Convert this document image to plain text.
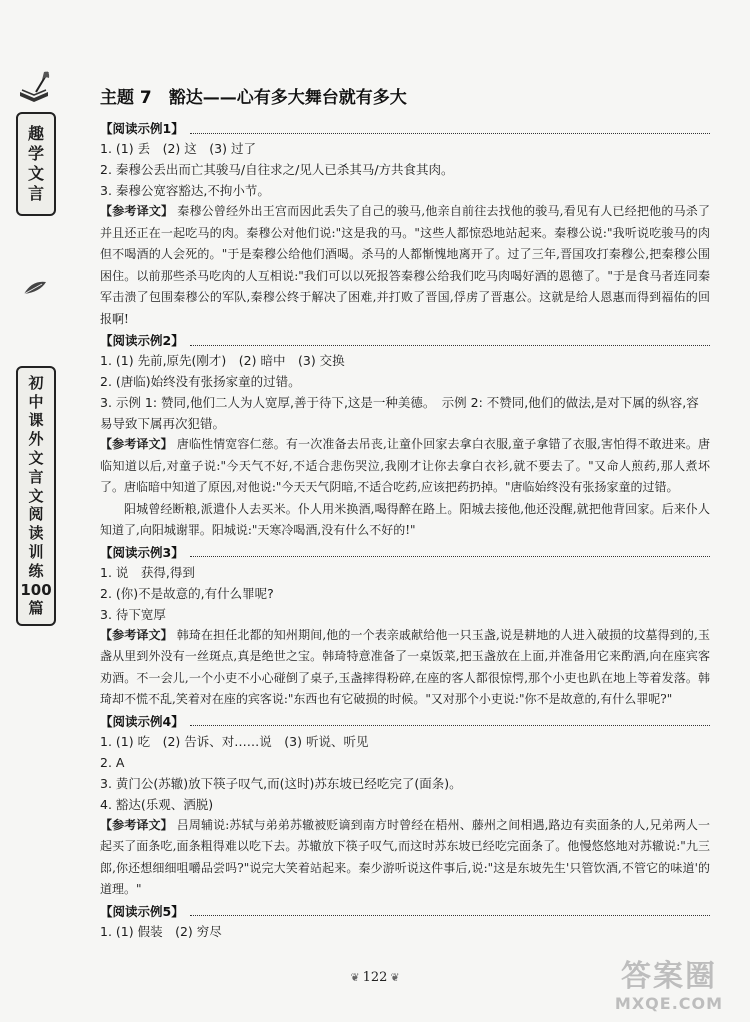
趣
学
文
言
初
中
课
外
文
言
文
阅
读
训
练
100
篇
主题 7　豁达——心有多大舞台就有多大
【阅读示例1】
1. (1) 丢　(2) 这　(3) 过了
2. 秦穆公丢出而亡其骏马/自往求之/见人已杀其马/方共食其肉。
3. 秦穆公宽容豁达,不拘小节。
【参考译文】 秦穆公曾经外出王宫而因此丢失了自己的骏马,他亲自前往去找他的骏马,看见有人已经把他的马杀了并且还正在一起吃马的肉。秦穆公对他们说:"这是我的马。"这些人都惊恐地站起来。秦穆公说:"我听说吃骏马的肉但不喝酒的人会死的。"于是秦穆公给他们酒喝。杀马的人都惭愧地离开了。过了三年,晋国攻打秦穆公,把秦穆公围困住。以前那些杀马吃肉的人互相说:"我们可以以死报答秦穆公给我们吃马肉喝好酒的恩德了。"于是食马者连同秦军击溃了包围秦穆公的军队,秦穆公终于解决了困难,并打败了晋国,俘虏了晋惠公。这就是给人恩惠而得到福佑的回报啊!
【阅读示例2】
1. (1) 先前,原先(刚才)　(2) 暗中　(3) 交换
2. (唐临)始终没有张扬家童的过错。
3. 示例 1: 赞同,他们二人为人宽厚,善于待下,这是一种美德。　示例 2: 不赞同,他们的做法,是对下属的纵容,容易导致下属再次犯错。
【参考译文】 唐临性情宽容仁慈。有一次准备去吊丧,让童仆回家去拿白衣服,童子拿错了衣服,害怕得不敢进来。唐临知道以后,对童子说:"今天气不好,不适合悲伤哭泣,我刚才让你去拿白衣衫,就不要去了。"又命人煎药,那人煮坏了。唐临暗中知道了原因,对他说:"今天天气阴暗,不适合吃药,应该把药扔掉。"唐临始终没有张扬家童的过错。
阳城曾经断粮,派遣仆人去买米。仆人用米换酒,喝得醉在路上。阳城去接他,他还没醒,就把他背回家。后来仆人知道了,向阳城谢罪。阳城说:"天寒冷喝酒,没有什么不好的!"
【阅读示例3】
1. 说　获得,得到
2. (你)不是故意的,有什么罪呢?
3. 待下宽厚
【参考译文】 韩琦在担任北都的知州期间,他的一个表亲戚献给他一只玉盏,说是耕地的人进入破损的坟墓得到的,玉盏从里到外没有一丝斑点,真是绝世之宝。韩琦特意准备了一桌饭菜,把玉盏放在上面,并准备用它来酌酒,向在座宾客劝酒。不一会儿,一个小吏不小心碰倒了桌子,玉盏摔得粉碎,在座的客人都很惊愕,那个小吏也趴在地上等着发落。韩琦却不慌不乱,笑着对在座的宾客说:"东西也有它破损的时候。"又对那个小吏说:"你不是故意的,有什么罪呢?"
【阅读示例4】
1. (1) 吃　(2) 告诉、对……说　(3) 听说、听见
2. A
3. 黄门公(苏辙)放下筷子叹气,而(这时)苏东坡已经吃完了(面条)。
4. 豁达(乐观、洒脱)
【参考译文】 吕周辅说:苏轼与弟弟苏辙被贬谪到南方时曾经在梧州、藤州之间相遇,路边有卖面条的人,兄弟两人一起买了面条吃,面条粗得难以吃下去。苏辙放下筷子叹气,而这时苏东坡已经吃完面条了。他慢悠悠地对苏辙说:"九三郎,你还想细细咀嚼品尝吗?"说完大笑着站起来。秦少游听说这件事后,说:"这是东坡先生'只管饮酒,不管它的味道'的道理。"
【阅读示例5】
1. (1) 假装　(2) 穷尽
❦ 122 ❦	答案圈
MXQE.COM
